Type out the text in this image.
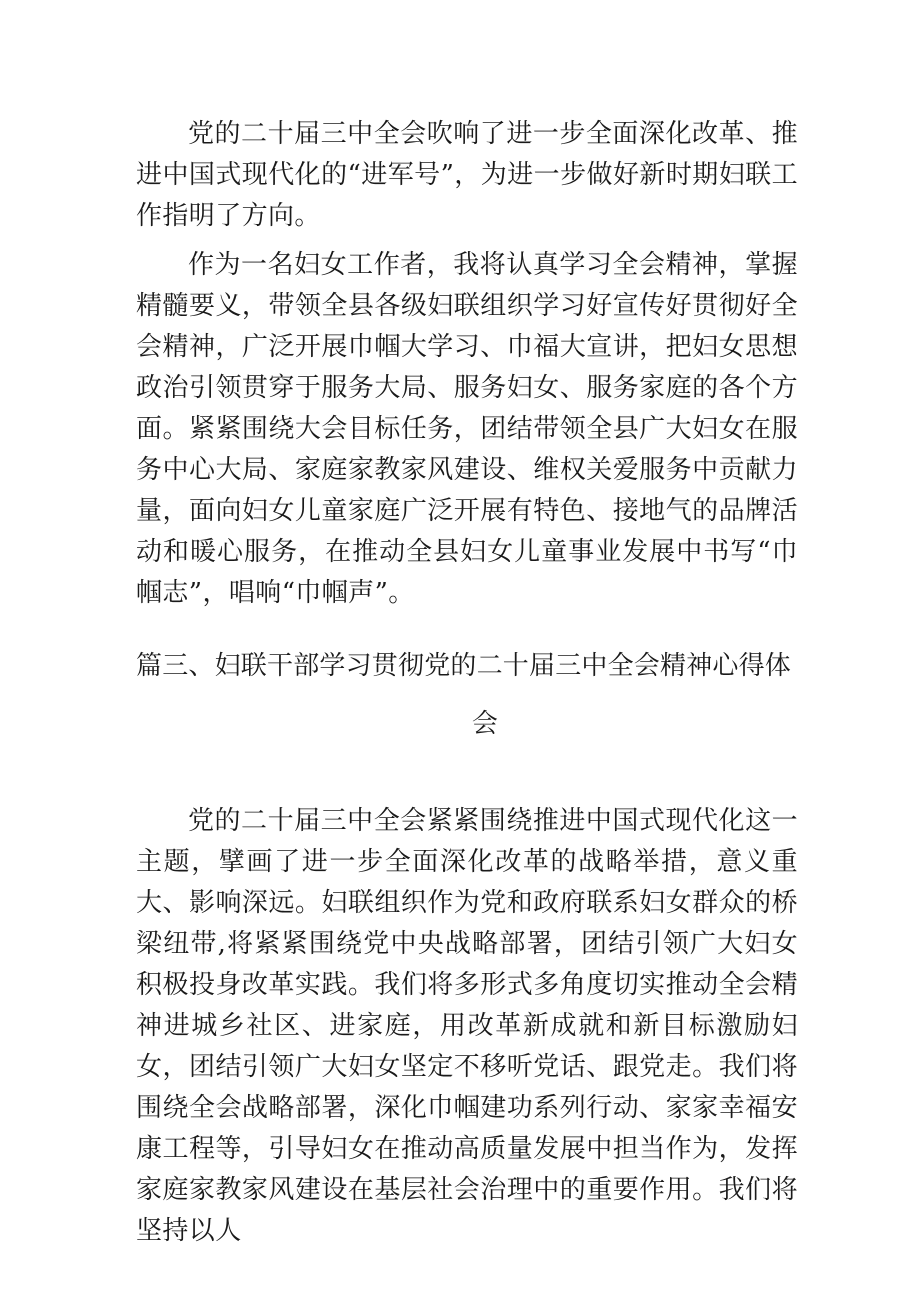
党的二十届三中全会吹响了进一步全面深化改革、推进中国式现代化的“进军号”，为进一步做好新时期妇联工作指明了方向。

作为一名妇女工作者，我将认真学习全会精神，掌握精髓要义，带领全县各级妇联组织学习好宣传好贯彻好全会精神，广泛开展巾帼大学习、巾福大宣讲，把妇女思想政治引领贯穿于服务大局、服务妇女、服务家庭的各个方面。紧紧围绕大会目标任务，团结带领全县广大妇女在服务中心大局、家庭家教家风建设、维权关爱服务中贡献力量，面向妇女儿童家庭广泛开展有特色、接地气的品牌活动和暖心服务，在推动全县妇女儿童事业发展中书写“巾帼志”，唱响“巾帼声”。

篇三、妇联干部学习贯彻党的二十届三中全会精神心得体
会

党的二十届三中全会紧紧围绕推进中国式现代化这一主题，擘画了进一步全面深化改革的战略举措，意义重大、影响深远。妇联组织作为党和政府联系妇女群众的桥梁纽带,将紧紧围绕党中央战略部署，团结引领广大妇女积极投身改革实践。我们将多形式多角度切实推动全会精神进城乡社区、进家庭，用改革新成就和新目标激励妇女，团结引领广大妇女坚定不移听党话、跟党走。我们将围绕全会战略部署，深化巾帼建功系列行动、家家幸福安康工程等，引导妇女在推动高质量发展中担当作为，发挥家庭家教家风建设在基层社会治理中的重要作用。我们将坚持以人
